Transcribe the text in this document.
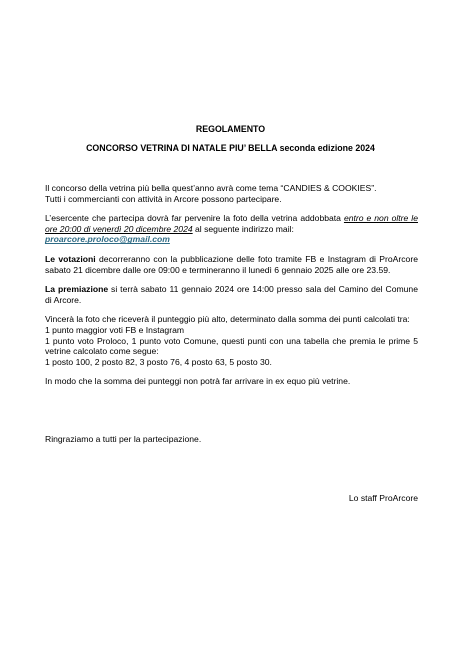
REGOLAMENTO
CONCORSO VETRINA DI NATALE PIU’ BELLA seconda edizione 2024

Il concorso della vetrina più bella quest’anno avrà come tema “CANDIES & COOKIES”.
Tutti i commercianti con attività in Arcore possono partecipare.

L’esercente che partecipa dovrà far pervenire la foto della vetrina addobbata entro e non oltre le ore 20:00 di venerdì 20 dicembre 2024 al seguente indirizzo mail:
proarcore.proloco@gmail.com

Le votazioni decorreranno con la pubblicazione delle foto tramite FB e Instagram di ProArcore sabato 21 dicembre dalle ore 09:00 e termineranno il lunedì 6 gennaio 2025 alle ore 23.59.

La premiazione si terrà sabato 11 gennaio 2024 ore 14:00 presso sala del Camino del Comune di Arcore.

Vincerà la foto che riceverà il punteggio più alto, determinato dalla somma dei punti calcolati tra:
1 punto maggior voti FB e Instagram
1 punto voto Proloco, 1 punto voto Comune, questi punti con una tabella che premia le prime 5 vetrine calcolato come segue:
1 posto 100, 2 posto 82, 3 posto 76, 4 posto 63, 5 posto 30.

In modo che la somma dei punteggi non potrà far arrivare in ex equo più vetrine.

Ringraziamo a tutti per la partecipazione.
Lo staff ProArcore
